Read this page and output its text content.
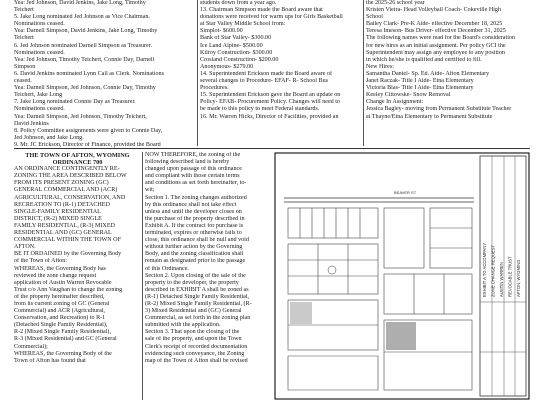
Yea: Jed Johnson, David Jenkins, Jake Long, Timothy
Teichert
5. Jake Long nominated Jed Johnson as Vice Chairman.
Nominations ceased.
Yea: Darnell Simpson, David Jenkins, Jake Long, Timothy
Teichert
6. Jed Johnson nominated Darnell Simpson as Treasurer.
Nominations ceased.
Yea: Jed Johnson, Timothy Teichert, Connie Day, Darnell
Simpson
6. David Jenkins nominated Lynn Call as Clerk. Nominations
ceased.
Yea: Darnell Simpson, Jed Johnson, Connie Day, Timothy
Teichert, Jake Long
7. Jake Long nominated Connie Day as Treasurer.
Nominations ceased.
Yea: Darnell Simpson, Jed Johnson, Timothy Teichert,
David Jenkins
8. Policy Committee assignments were given to Connie Day,
Jed Johnson, and Jake Long.
9. Mr. JC Erickson, Director of Finance, provided the Board
students down from a year ago.
13. Chairman Simpson made the Board aware that
donations were received for warm ups for Girls Basketball
at Star Valley Middle School from:
Simplot- $600.00
Bank of Star Valley- $300.00
Ice Land Alpine- $500.00
Kilroy Construction- $300.00
Crosland Construction- $200.00
Anonymous- $279.00
14. Superintendent Erickson made the Board aware of
several changes to Procedure- EFAF- R- School Bus
Procedures.
15. Superintendent Erickson gave the Board an update on
Policy- EFAB- Procurement Policy. Changes will need to
be made to this policy to meet Federal standards.
16. Mr. Warren Hicks, Director of Facilities, provided an
the 2025-26 school year
Kristen Vieira- Head Volleyball Coach- Cokeville High
School
Bailey Clark- Pre-K Aide- effective December 18, 2025
Teresa Imeson- Bus Driver- effective December 31, 2025
The following names were read for the Board's consideration
for new hires as an initial assignment. Per policy GCI the
Superintendent may assign any employee to any position
in which he/she is qualified and certified to fill.
New Hires:
Samantha Daniel- Sp. Ed. Aide- Afton Elementary
Janet Raczak- Title I Aide- Etna Elementary
Victoria Bias- Title I Aide- Etna Elementary
Keeley Cittowske- Snow Removal
Change In Assignment:
Jessica Bagley- moving from Permanent Substitute Teacher
at Thayne/Etna Elementary to Permanent Substitute
THE TOWN OF AFTON, WYOMING
ORDINANCE 700
AN ORDINANCE CONTINGENTLY RE-
ZONING THE AREA DESCRIBED BELOW
FROM ITS PRESENT ZONING (GC)
GENERAL COMMERCIAL AND (ACR)
AGRICULTURAL, CONSERVATION, AND
RECREATION TO (R-1) DETACHED
SINGLE-FAMILY RESIDENTIAL
DISTRICT, (R-2) MIXED SINGLE
FAMILY RESIDENTIAL, (R-3) MIXED
RESIDENTIAL AND (GC) GENERAL
COMMERCIAL WITHIN THE TOWN OF
AFTON.
BE IT ORDAINED by the Governing Body
of the Town of Afton:
WHEREAS, the Governing Body has
reviewed the zone change request
application of Austin Warren Revocable
Trust c/o Ann Vaughan to change the zoning
of the property hereinafter described,
from its current zoning of GC (General
Commercial) and ACR (Agricultural,
Conservation, and Recreation) to R-1
(Detached Single Family Residential),
R-2 (Mixed Single Family Residential),
R-3 (Mixed Residential) and GC (General
Commercial);
WHEREAS, the Governing Body of the
Town of Afton has found that
NOW THEREFORE, the zoning of the
following described land is hereby
changed upon passage of this ordinance
and compliant with those certain terms
and conditions as set forth hereinafter, to-
wit;
Section 1. The zoning changes authorized
by this ordinance shall not take effect
unless and until the developer closes on
the purchase of the property described in
Exhibit A. If the contract for purchase is
terminated, expires or otherwise fails to
close, this ordinance shall be null and void
without further action by the Governing
Body, and the zoning classification shall
remain as designated prior to the passage
of this Ordinance.
Section 2. Upon closing of the sale of the
property to the developer, the property
described in EXHIBIT A shall be zoned as
(R-1) Detached Single Family Residential,
(R-2) Mixed Single Family Residential, (R-
3) Mixed Residential and (GC) General
Commercial, as set forth in the zoning plan
submitted with the application.
Section 3. That upon the closing of the
sale of the property, and upon the Town
Clerk's receipt of recorded documentation
evidencing such conveyance, the Zoning
map of the Town of Afton shall be revised
EXHIBIT A TO ACCOMPANY ZONE CHANGE REQUEST AUSTIN WARREN REVOCABLE TRUST AFTON, WYOMING
BEAVER ST
